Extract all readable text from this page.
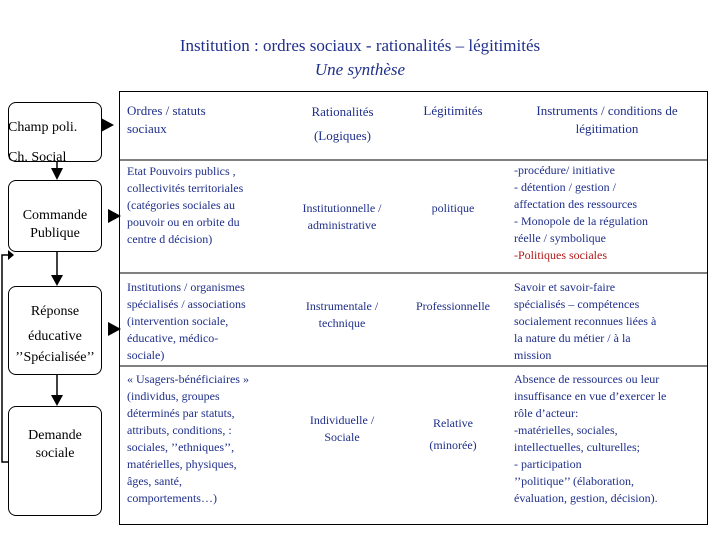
Institution : ordres sociaux - rationalités – légitimités
Une synthèse
Champ poli.
Ch. Social
Commande
Publique
Réponse
éducative
’’Spécialisée’’
Demande
sociale
Ordres / statuts
sociaux
Rationalités
(Logiques)
Légitimités	Instruments / conditions de
légitimation
Etat Pouvoirs publics ,
collectivités territoriales
(catégories sociales au
pouvoir ou en orbite du
centre d décision)
Institutionnelle /
administrative
politique
-procédure/ initiative
- détention / gestion /
affectation des ressources
- Monopole de la régulation
réelle / symbolique
-Politiques sociales
Institutions / organismes
spécialisés / associations
(intervention sociale,
éducative, médico-
sociale)
Instrumentale /
technique
Professionnelle
Savoir et savoir-faire
spécialisés – compétences
socialement reconnues liées à
la nature du métier / à la
mission
« Usagers-bénéficiaires »
(individus, groupes
déterminés par statuts,
attributs, conditions, :
sociales, ’’ethniques’’,
matérielles, physiques,
âges, santé,
comportements…)
Individuelle /
Sociale
Relative
(minorée)
Absence de ressources ou leur
insuffisance en vue d’exercer le
rôle d’acteur:
-matérielles, sociales,
intellectuelles, culturelles;
- participation
’’politique’’ (élaboration,
évaluation, gestion, décision).
